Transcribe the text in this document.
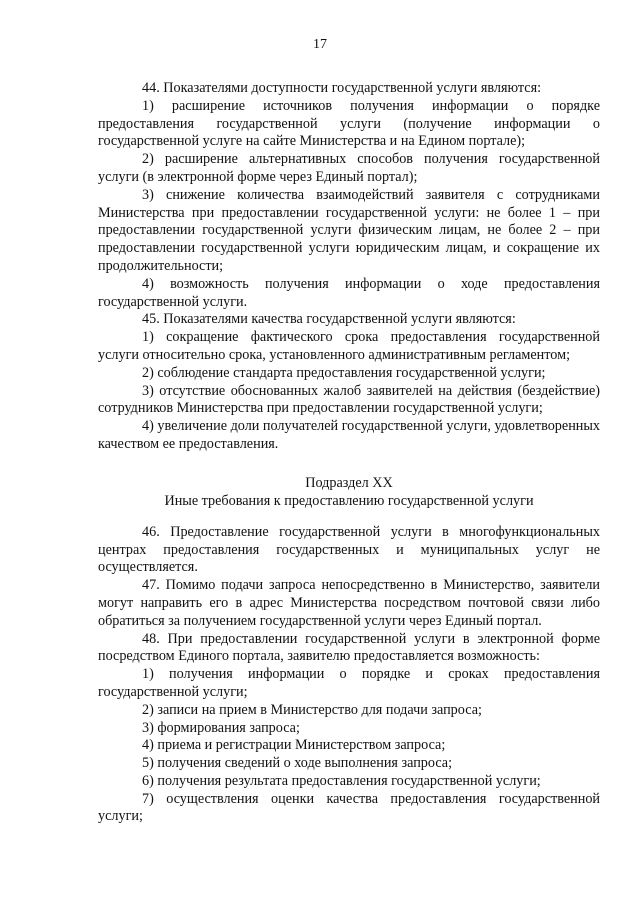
17

44. Показателями доступности государственной услуги являются:

1) расширение источников получения информации о порядке предоставления государственной услуги (получение информации о государственной услуге на сайте Министерства и на Едином портале);

2) расширение альтернативных способов получения государственной услуги (в электронной форме через Единый портал);

3) снижение количества взаимодействий заявителя с сотрудниками Министерства при предоставлении государственной услуги: не более 1 – при предоставлении государственной услуги физическим лицам, не более 2 – при предоставлении государственной услуги юридическим лицам, и сокращение их продолжительности;

4) возможность получения информации о ходе предоставления государственной услуги.

45. Показателями качества государственной услуги являются:

1) сокращение фактического срока предоставления государственной услуги относительно срока, установленного административным регламентом;

2) соблюдение стандарта предоставления государственной услуги;

3) отсутствие обоснованных жалоб заявителей на действия (бездействие) сотрудников Министерства при предоставлении государственной услуги;

4) увеличение доли получателей государственной услуги, удовлетворенных качеством ее предоставления.

Подраздел XX

Иные требования к предоставлению государственной услуги

46. Предоставление государственной услуги в многофункциональных центрах предоставления государственных и муниципальных услуг не осуществляется.

47. Помимо подачи запроса непосредственно в Министерство, заявители могут направить его в адрес Министерства посредством почтовой связи либо обратиться за получением государственной услуги через Единый портал.

48. При предоставлении государственной услуги в электронной форме посредством Единого портала, заявителю предоставляется возможность:

1) получения информации о порядке и сроках предоставления государственной услуги;

2) записи на прием в Министерство для подачи запроса;

3) формирования запроса;

4) приема и регистрации Министерством запроса;

5) получения сведений о ходе выполнения запроса;

6) получения результата предоставления государственной услуги;

7) осуществления оценки качества предоставления государственной услуги;
